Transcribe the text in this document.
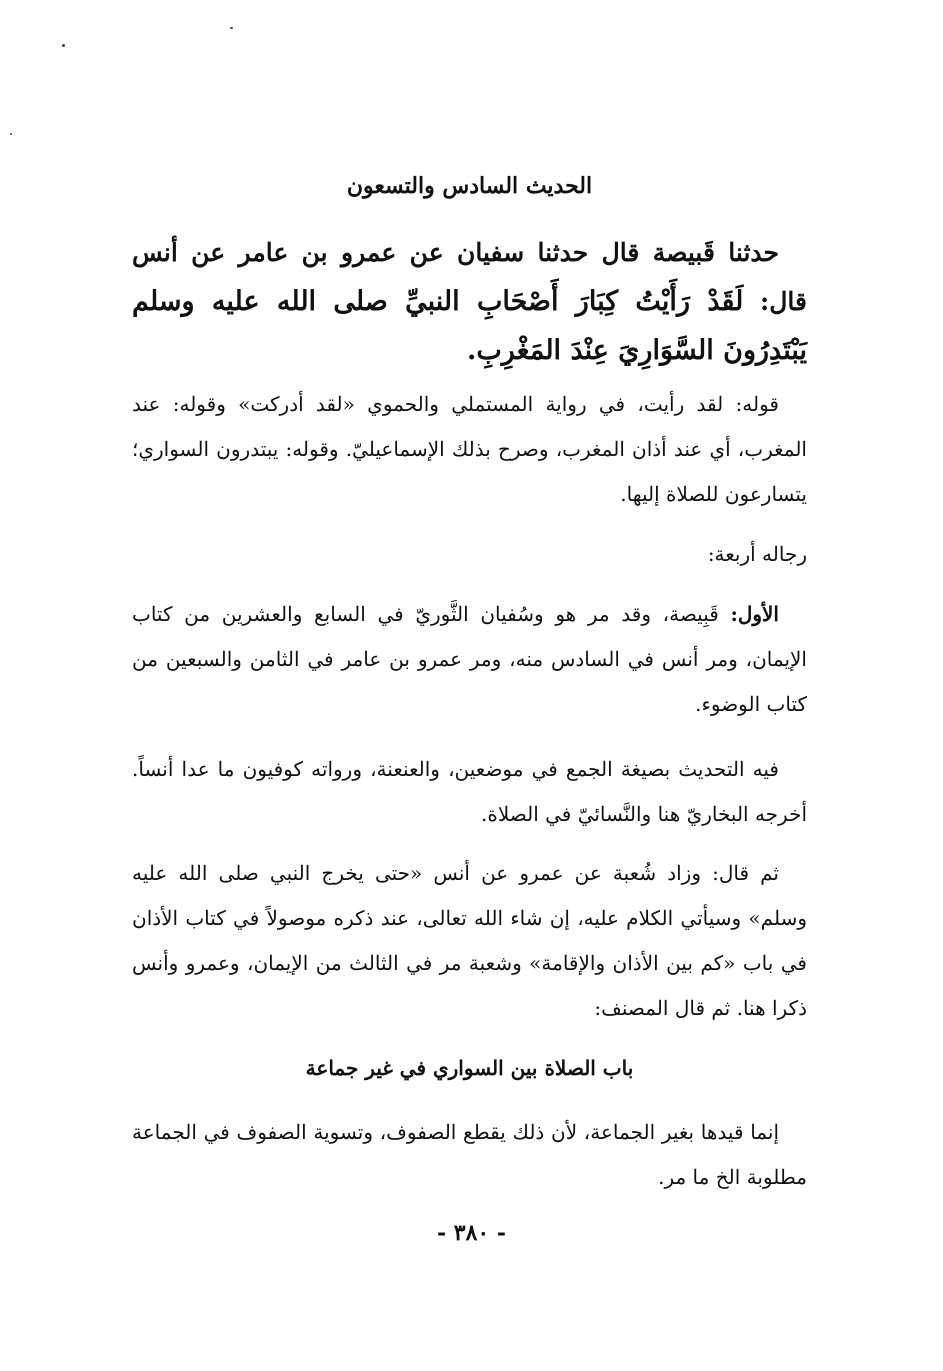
الحديث السادس والتسعون
حدثنا قَبيصة قال حدثنا سفيان عن عمرو بن عامر عن أنس قال: لَقَدْ رَأَيْتُ كِبَارَ أَصْحَابِ النبيِّ صلى الله عليه وسلم يَبْتَدِرُونَ السَّوَارِيَ عِنْدَ المَغْرِبِ.
قوله: لقد رأيت، في رواية المستملي والحموي «لقد أدركت» وقوله: عند المغرب، أي عند أذان المغرب، وصرح بذلك الإسماعيليّ. وقوله: يبتدرون السواري؛ يتسارعون للصلاة إليها.
رجاله أربعة:
الأول: قَبِيصة، وقد مر هو وسُفيان الثَّوريّ في السابع والعشرين من كتاب الإيمان، ومر أنس في السادس منه، ومر عمرو بن عامر في الثامن والسبعين من كتاب الوضوء.
فيه التحديث بصيغة الجمع في موضعين، والعنعنة، ورواته كوفيون ما عدا أنساً. أخرجه البخاريّ هنا والنَّسائيّ في الصلاة.
ثم قال: وزاد شُعبة عن عمرو عن أنس «حتى يخرج النبي صلى الله عليه وسلم» وسيأتي الكلام عليه، إن شاء الله تعالى، عند ذكره موصولاً في كتاب الأذان في باب «كم بين الأذان والإقامة» وشعبة مر في الثالث من الإيمان، وعمرو وأنس ذكرا هنا. ثم قال المصنف:
باب الصلاة بين السواري في غير جماعة
إنما قيدها بغير الجماعة، لأن ذلك يقطع الصفوف، وتسوية الصفوف في الجماعة مطلوبة الخ ما مر.
- ٣٨٠ -
